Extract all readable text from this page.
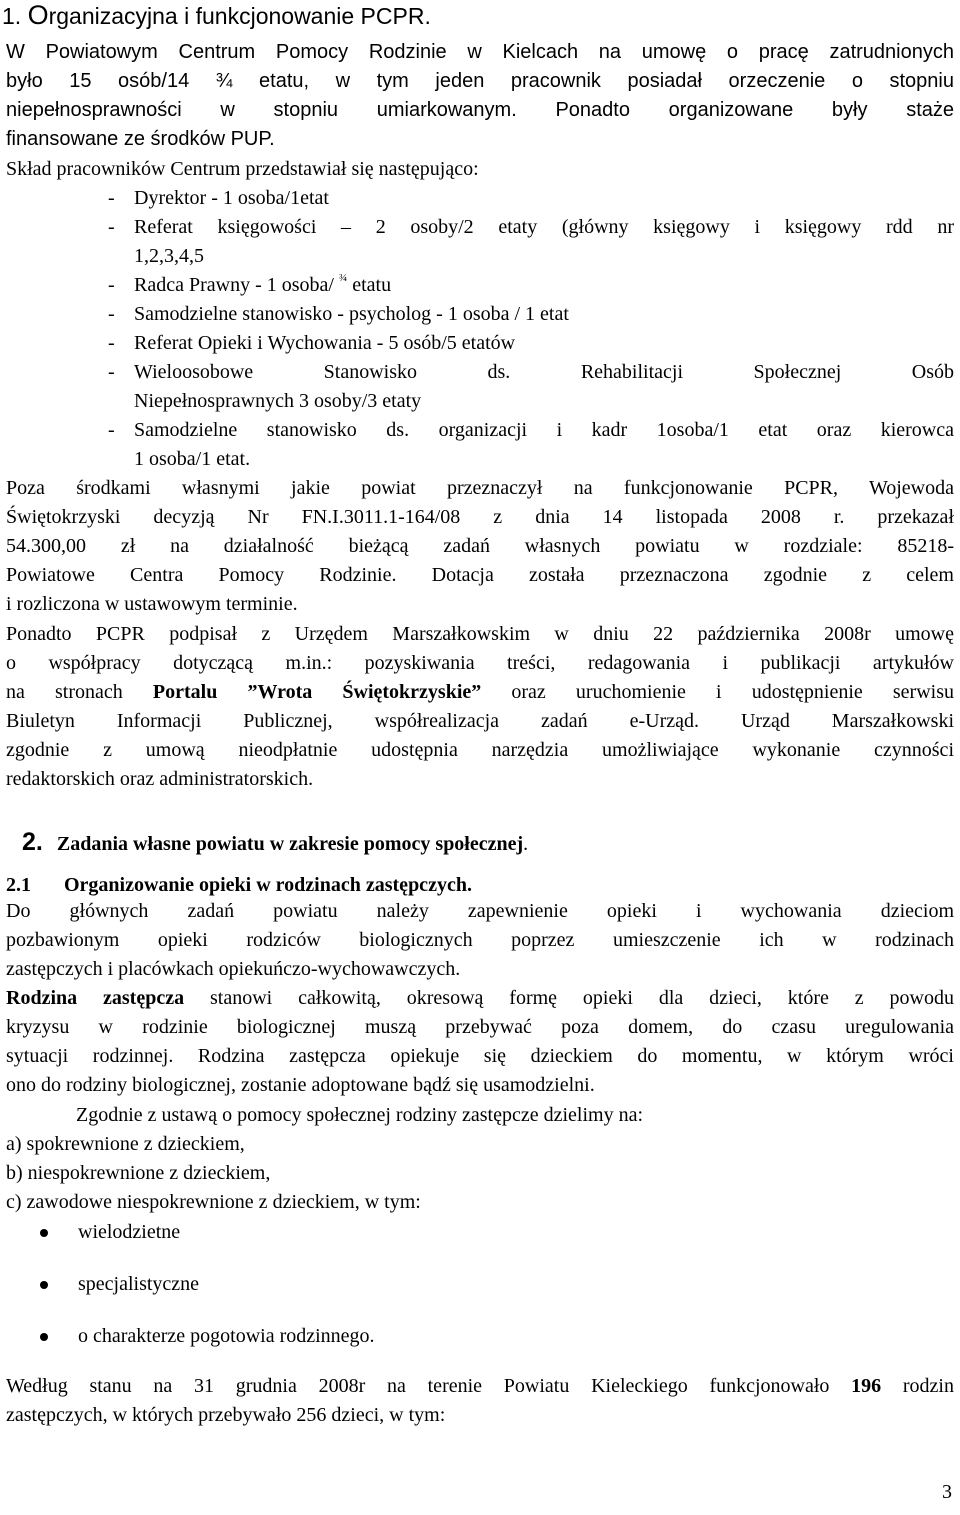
1. Organizacyjna i funkcjonowanie PCPR.

W Powiatowym Centrum Pomocy Rodzinie w Kielcach na umowę o pracę zatrudnionych

było 15 osób/14 ¾ etatu, w tym jeden pracownik posiadał orzeczenie o stopniu

niepełnosprawności w stopniu umiarkowanym. Ponadto organizowane były staże

finansowane ze środków PUP.

Skład pracowników Centrum przedstawiał się następująco:

- Dyrektor - 1 osoba/1etat
- Referat księgowości – 2 osoby/2 etaty (główny księgowy i księgowy rdd nr

1,2,3,4,5

- Radca Prawny - 1 osoba/ $^{\frac{3}{4}}$ etatu
- Samodzielne stanowisko - psycholog - 1 osoba / 1 etat
- Referat Opieki i Wychowania - 5 osób/5 etatów
- Wieloosobowe Stanowisko ds. Rehabilitacji Społecznej Osób

Niepełnosprawnych 3 osoby/3 etaty

- Samodzielne stanowisko ds. organizacji i kadr 1osoba/1 etat oraz kierowca

1 osoba/1 etat.

Poza środkami własnymi jakie powiat przeznaczył na funkcjonowanie PCPR, Wojewoda

Świętokrzyski decyzją Nr FN.I.3011.1-164/08 z dnia 14 listopada 2008 r. przekazał

54.300,00 zł na działalność bieżącą zadań własnych powiatu w rozdziale: 85218-

Powiatowe Centra Pomocy Rodzinie. Dotacja została przeznaczona zgodnie z celem

i rozliczona w ustawowym terminie.

Ponadto PCPR podpisał z Urzędem Marszałkowskim w dniu 22 października 2008r umowę

o współpracy dotyczącą m.in.: pozyskiwania treści, redagowania i publikacji artykułów

na stronach Portalu ”Wrota Świętokrzyskie” oraz uruchomienie i udostępnienie serwisu

Biuletyn Informacji Publicznej, współrealizacja zadań e-Urząd. Urząd Marszałkowski

zgodnie z umową nieodpłatnie udostępnia narzędzia umożliwiające wykonanie czynności

redaktorskich oraz administratorskich.

2. Zadania własne powiatu w zakresie pomocy społecznej.
2.1 Organizowanie opieki w rodzinach zastępczych.

Do głównych zadań powiatu należy zapewnienie opieki i wychowania dzieciom

pozbawionym opieki rodziców biologicznych poprzez umieszczenie ich w rodzinach

zastępczych i placówkach opiekuńczo-wychowawczych.

Rodzina zastępcza stanowi całkowitą, okresową formę opieki dla dzieci, które z powodu

kryzysu w rodzinie biologicznej muszą przebywać poza domem, do czasu uregulowania

sytuacji rodzinnej. Rodzina zastępcza opiekuje się dzieckiem do momentu, w którym wróci

ono do rodziny biologicznej, zostanie adoptowane bądź się usamodzielni.

Zgodnie z ustawą o pomocy społecznej rodziny zastępcze dzielimy na:

a) spokrewnione z dzieckiem,

b) niespokrewnione z dzieckiem,

c) zawodowe niespokrewnione z dzieckiem, w tym:

wielodzietne
specjalistyczne
o charakterze pogotowia rodzinnego.

Według stanu na 31 grudnia 2008r na terenie Powiatu Kieleckiego funkcjonowało 196 rodzin

zastępczych, w których przebywało 256 dzieci, w tym:

3
